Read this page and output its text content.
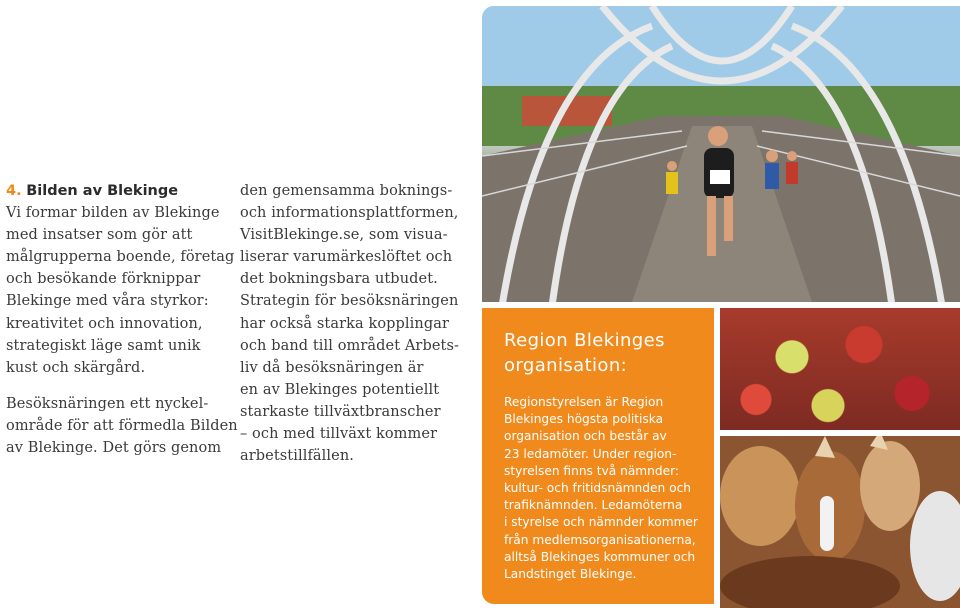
4. Bilden av Blekinge
Vi formar bilden av Blekinge
med insatser som gör att
målgrupperna boende, företag
och besökande förknippar
Blekinge med våra styrkor:
kreativitet och innovation,
strategiskt läge samt unik
kust och skärgård.
Besöksnäringen ett nyckel-
område för att förmedla Bilden
av Blekinge. Det görs genom
den gemensamma boknings-
och informationsplattformen,
VisitBlekinge.se, som visua-
liserar varumärkeslöftet och
det bokningsbara utbudet.
Strategin för besöksnäringen
har också starka kopplingar
och band till området Arbets-
liv då besöksnäringen är
en av Blekinges potentiellt
starkaste tillväxtbranscher
– och med tillväxt kommer
arbetstillfällen.
Region Blekinges
organisation:
Regionstyrelsen är Region
Blekinges högsta politiska
organisation och består av
23 ledamöter. Under region-
styrelsen finns två nämnder:
kultur- och fritidsnämnden och
trafiknämnden. Ledamöterna
i styrelse och nämnder kommer
från medlemsorganisationerna,
alltså Blekinges kommuner och
Landstinget Blekinge.
